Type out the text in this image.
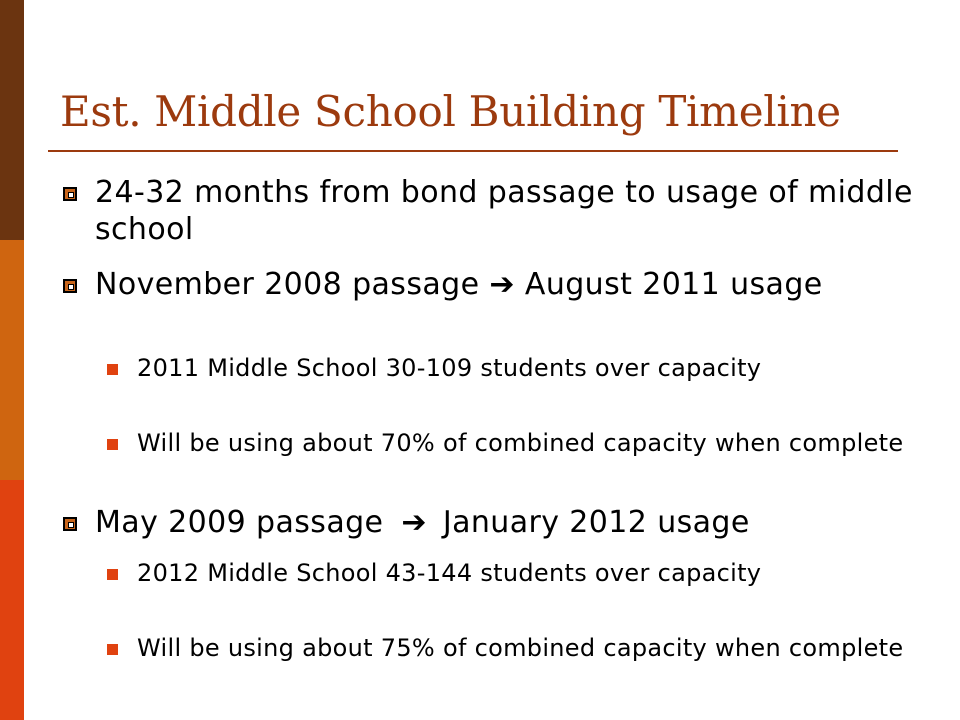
Est. Middle School Building Timeline
24-32 months from bond passage to usage of middle school
November 2008 passage ➔ August 2011 usage
2011 Middle School 30-109 students over capacity
Will be using about 70% of combined capacity when complete
May 2009 passage ➔ January 2012 usage
2012 Middle School 43-144 students over capacity
Will be using about 75% of combined capacity when complete
